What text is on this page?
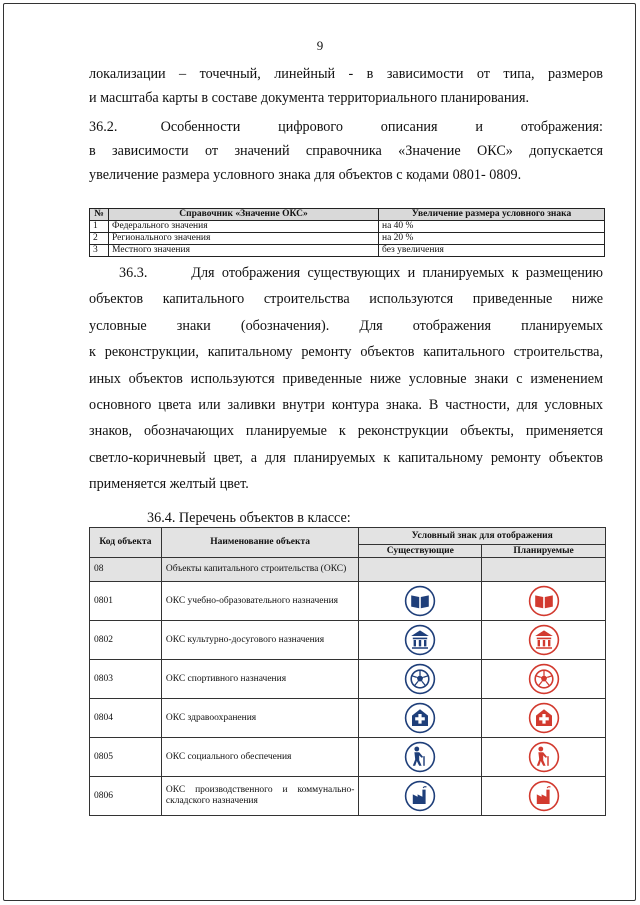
9
локализации – точечный, линейный - в зависимости от типа, размеров
и масштаба карты в составе документа территориального планирования.
36.2.        Особенности       цифрового       описания       и       отображения:
в зависимости от значений справочника «Значение ОКС» допускается
увеличение размера условного знака для объектов с кодами 0801- 0809.
№	Справочник «Значение ОКС»	Увеличение размера условного знака
1	Федерального значения	на 40 %
2	Регионального значения	на 20 %
3	Местного значения	без увеличения
36.3.      Для отображения существующих и планируемых к размещению
объектов    капитального    строительства    используются    приведенные    ниже
условные       знаки       (обозначения).       Для       отображения       планируемых
к реконструкции, капитальному ремонту объектов капитального строительства,
иных объектов используются приведенные ниже условные знаки с изменением
основного цвета или заливки внутри контура знака. В частности, для условных
знаков, обозначающих планируемые к реконструкции объекты, применяется
светло-коричневый цвет, а для планируемых к капитальному ремонту объектов
применяется желтый цвет.
36.4. Перечень объектов в классе:
Код объекта	Наименование объекта	Условный знак для отображения	
		Существующие	Планируемые
08	Объекты капитального строительства (ОКС)		
0801	ОКС учебно-образовательного назначения		
0802	ОКС культурно-досугового назначения		
0803	ОКС спортивного назначения		
0804	ОКС здравоохранения		
0805	ОКС социального обеспечения		
0806	ОКС производственного и коммунально-складского назначения		
